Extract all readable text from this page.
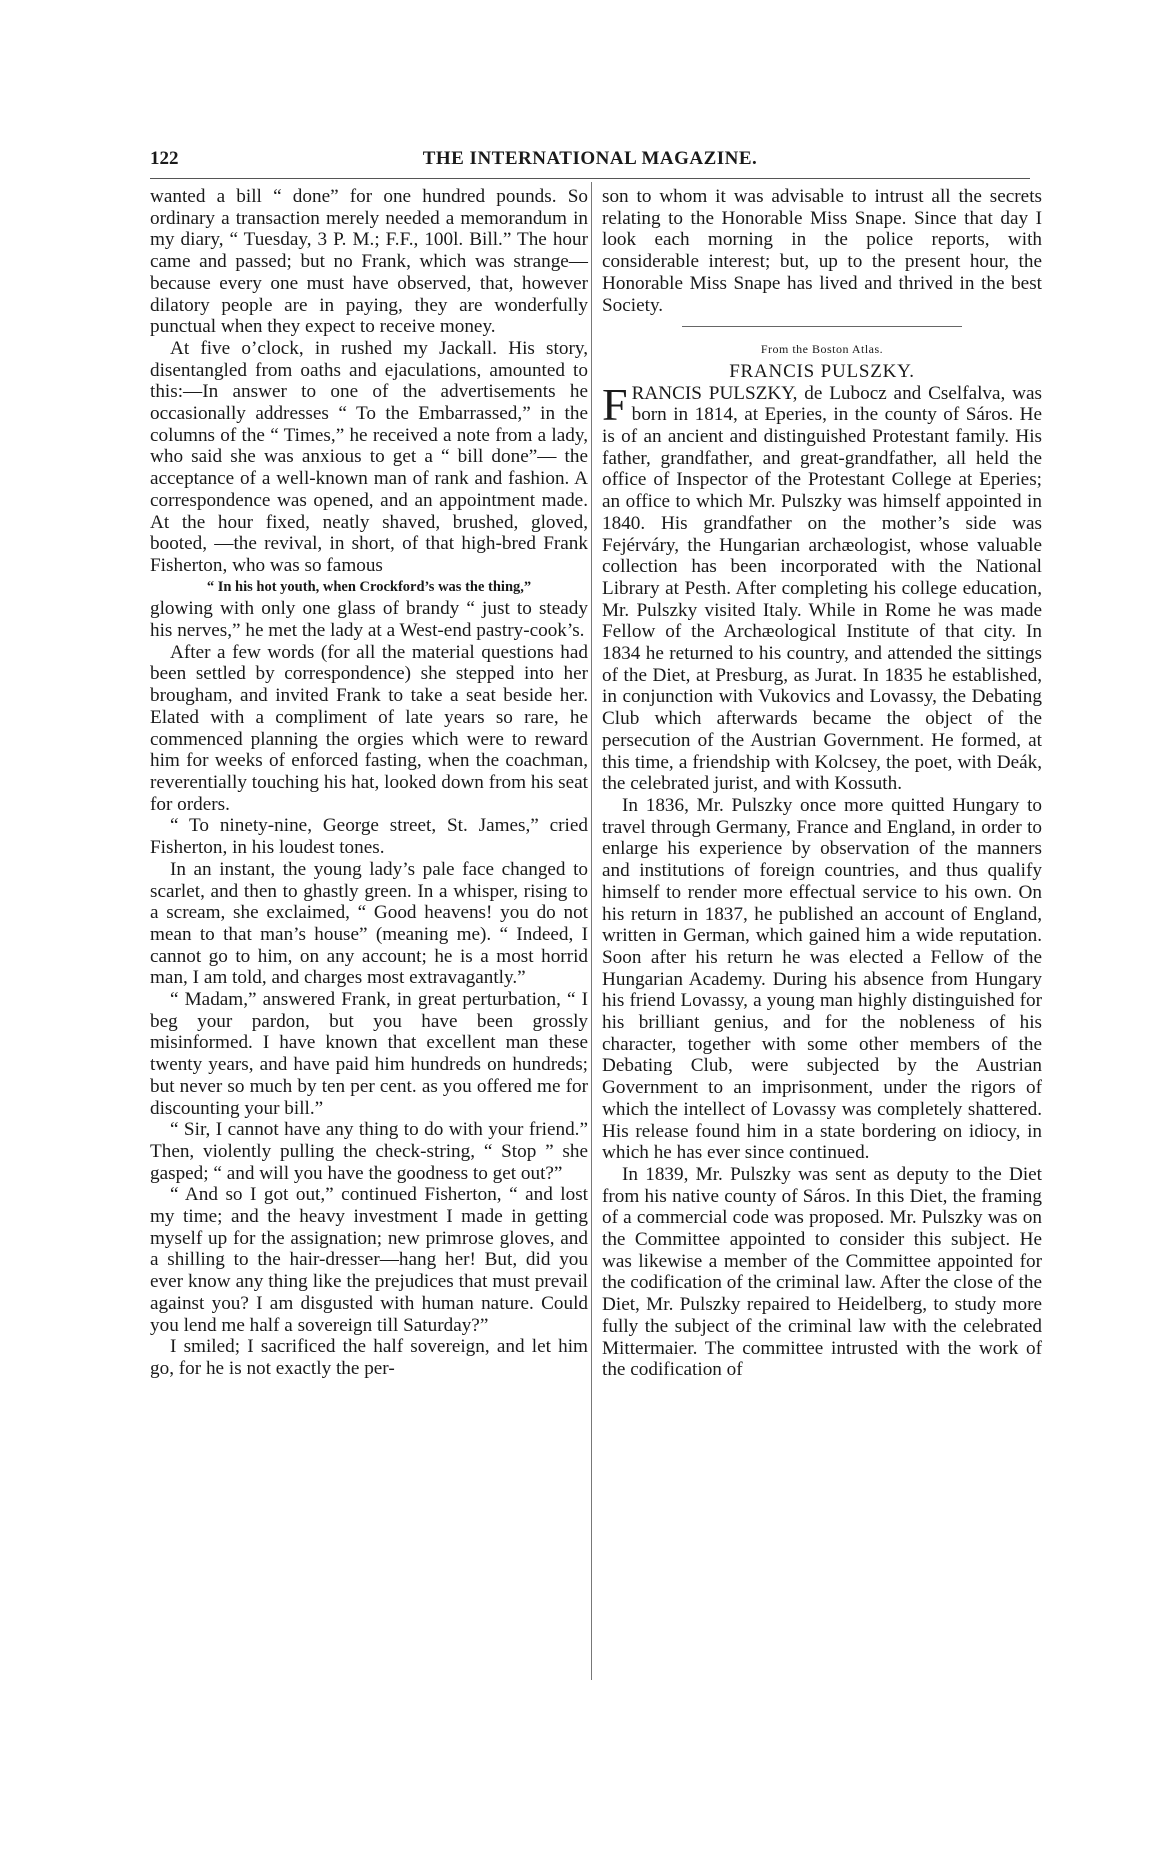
122	THE INTERNATIONAL MAGAZINE.

wanted a bill “ done” for one hundred pounds. So ordinary a transaction merely needed a memorandum in my diary, “ Tuesday, 3 P. M.; F.F., 100l. Bill.” The hour came and passed; but no Frank, which was strange—because every one must have observed, that, however dilatory people are in paying, they are wonderfully punctual when they expect to receive money.

At five o’clock, in rushed my Jackall. His story, disentangled from oaths and ejaculations, amounted to this:—In answer to one of the advertisements he occasionally addresses “ To the Embarrassed,” in the columns of the “ Times,” he received a note from a lady, who said she was anxious to get a “ bill done”— the acceptance of a well-known man of rank and fashion. A correspondence was opened, and an appointment made. At the hour fixed, neatly shaved, brushed, gloved, booted, —the revival, in short, of that high-bred Frank Fisherton, who was so famous

“ In his hot youth, when Crockford’s was the thing,”

glowing with only one glass of brandy “ just to steady his nerves,” he met the lady at a West-end pastry-cook’s.

After a few words (for all the material questions had been settled by correspondence) she stepped into her brougham, and invited Frank to take a seat beside her. Elated with a compliment of late years so rare, he commenced planning the orgies which were to reward him for weeks of enforced fasting, when the coachman, reverentially touching his hat, looked down from his seat for orders.

“ To ninety-nine, George street, St. James,” cried Fisherton, in his loudest tones.

In an instant, the young lady’s pale face changed to scarlet, and then to ghastly green. In a whisper, rising to a scream, she exclaimed, “ Good heavens! you do not mean to that man’s house” (meaning me). “ Indeed, I cannot go to him, on any account; he is a most horrid man, I am told, and charges most extravagantly.”

“ Madam,” answered Frank, in great perturbation, “ I beg your pardon, but you have been grossly misinformed. I have known that excellent man these twenty years, and have paid him hundreds on hundreds; but never so much by ten per cent. as you offered me for discounting your bill.”

“ Sir, I cannot have any thing to do with your friend.” Then, violently pulling the check-string, “ Stop ” she gasped; “ and will you have the goodness to get out?”

“ And so I got out,” continued Fisherton, “ and lost my time; and the heavy investment I made in getting myself up for the assignation; new primrose gloves, and a shilling to the hair-dresser—hang her! But, did you ever know any thing like the prejudices that must prevail against you? I am disgusted with human nature. Could you lend me half a sovereign till Saturday?”

I smiled; I sacrificed the half sovereign, and let him go, for he is not exactly the per-

son to whom it was advisable to intrust all the secrets relating to the Honorable Miss Snape. Since that day I look each morning in the police reports, with considerable interest; but, up to the present hour, the Honorable Miss Snape has lived and thrived in the best Society.

From the Boston Atlas.

FRANCIS PULSZKY.

FRANCIS PULSZKY, de Lubocz and Cselfalva, was born in 1814, at Eperies, in the county of Sáros. He is of an ancient and distinguished Protestant family. His father, grandfather, and great-grandfather, all held the office of Inspector of the Protestant College at Eperies; an office to which Mr. Pulszky was himself appointed in 1840. His grandfather on the mother’s side was Fejérváry, the Hungarian archæologist, whose valuable collection has been incorporated with the National Library at Pesth. After completing his college education, Mr. Pulszky visited Italy. While in Rome he was made Fellow of the Archæological Institute of that city. In 1834 he returned to his country, and attended the sittings of the Diet, at Presburg, as Jurat. In 1835 he established, in conjunction with Vukovics and Lovassy, the Debating Club which afterwards became the object of the persecution of the Austrian Government. He formed, at this time, a friendship with Kolcsey, the poet, with Deák, the celebrated jurist, and with Kossuth.

In 1836, Mr. Pulszky once more quitted Hungary to travel through Germany, France and England, in order to enlarge his experience by observation of the manners and institutions of foreign countries, and thus qualify himself to render more effectual service to his own. On his return in 1837, he published an account of England, written in German, which gained him a wide reputation. Soon after his return he was elected a Fellow of the Hungarian Academy. During his absence from Hungary his friend Lovassy, a young man highly distinguished for his brilliant genius, and for the nobleness of his character, together with some other members of the Debating Club, were subjected by the Austrian Government to an imprisonment, under the rigors of which the intellect of Lovassy was completely shattered. His release found him in a state bordering on idiocy, in which he has ever since continued.

In 1839, Mr. Pulszky was sent as deputy to the Diet from his native county of Sáros. In this Diet, the framing of a commercial code was proposed. Mr. Pulszky was on the Committee appointed to consider this subject. He was likewise a member of the Committee appointed for the codification of the criminal law. After the close of the Diet, Mr. Pulszky repaired to Heidelberg, to study more fully the subject of the criminal law with the celebrated Mittermaier. The committee intrusted with the work of the codification of
